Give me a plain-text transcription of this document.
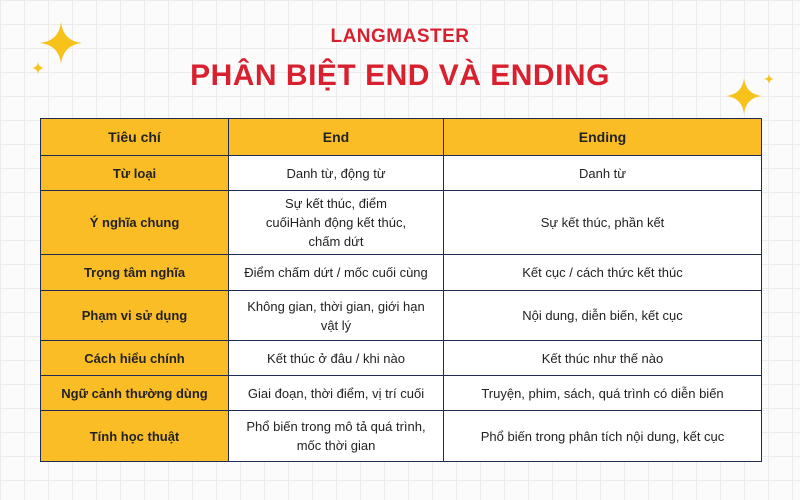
LANGMASTER
PHÂN BIỆT END VÀ ENDING
Tiêu chí	End	Ending
Từ loại	Danh từ, động từ	Danh từ
Ý nghĩa chung	Sự kết thúc, điểm cuốiHành động kết thúc, chấm dứt	Sự kết thúc, phần kết
Trọng tâm nghĩa	Điểm chấm dứt / mốc cuối cùng	Kết cục / cách thức kết thúc
Phạm vi sử dụng	Không gian, thời gian, giới hạn vật lý	Nội dung, diễn biến, kết cục
Cách hiểu chính	Kết thúc ở đâu / khi nào	Kết thúc như thế nào
Ngữ cảnh thường dùng	Giai đoạn, thời điểm, vị trí cuối	Truyện, phim, sách, quá trình có diễn biến
Tính học thuật	Phổ biến trong mô tả quá trình, mốc thời gian	Phổ biến trong phân tích nội dung, kết cục
